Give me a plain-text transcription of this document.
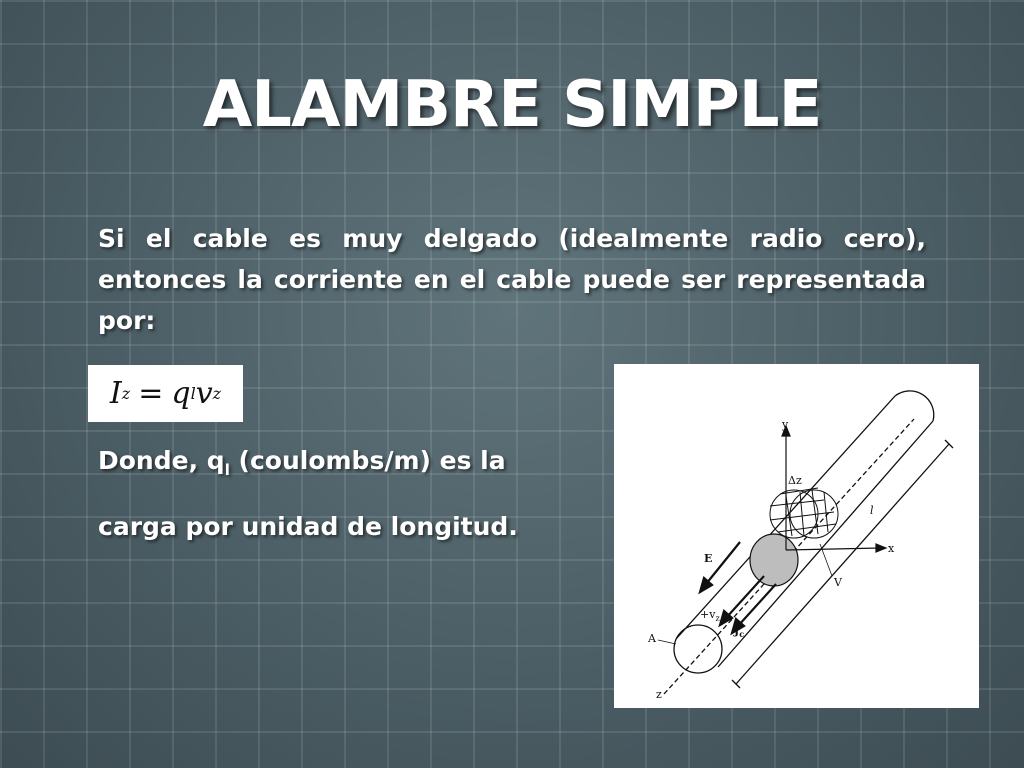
ALAMBRE SIMPLE
Si el cable es muy delgado (idealmente radio cero), entonces la corriente en el cable puede ser representada por:
I z = q l v z
Donde, $q_l$ (coulombs/m) es la
carga por unidad de longitud.
y
x
z
Δz
l
E
$+v_z$
$J_c$
V
A
